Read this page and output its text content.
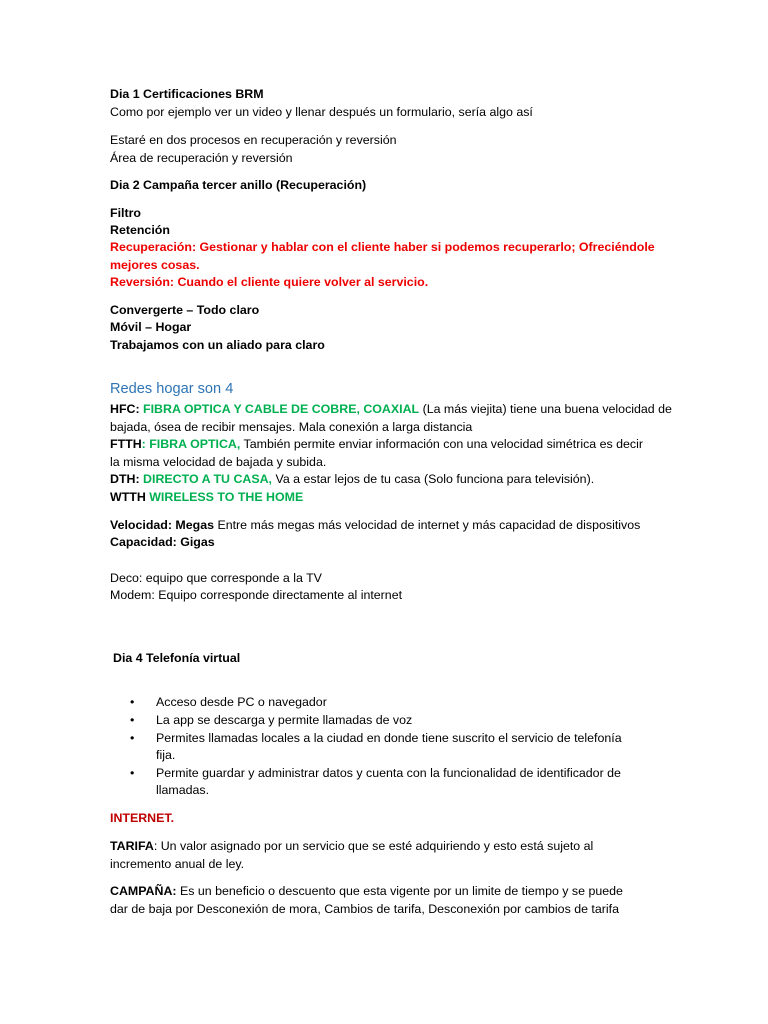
Dia 1 Certificaciones BRM
Como por ejemplo ver un video y llenar después un formulario, sería algo así
Estaré en dos procesos en recuperación y reversión
Área de recuperación y reversión
Dia 2 Campaña tercer anillo (Recuperación)
Filtro
Retención
Recuperación: Gestionar y hablar con el cliente haber si podemos recuperarlo; Ofreciéndole
mejores cosas.
Reversión: Cuando el cliente quiere volver al servicio.
Convergerte – Todo claro
Móvil – Hogar
Trabajamos con un aliado para claro
Redes hogar son 4
HFC: FIBRA OPTICA Y CABLE DE COBRE, COAXIAL (La más viejita) tiene una buena velocidad de
bajada, ósea de recibir mensajes. Mala conexión a larga distancia
FTTH: FIBRA OPTICA, También permite enviar información con una velocidad simétrica es decir
la misma velocidad de bajada y subida.
DTH: DIRECTO A TU CASA, Va a estar lejos de tu casa (Solo funciona para televisión).
WTTH WIRELESS TO THE HOME
Velocidad: Megas Entre más megas más velocidad de internet y más capacidad de dispositivos
Capacidad: Gigas
Deco: equipo que corresponde a la TV
Modem: Equipo corresponde directamente al internet
Dia 4 Telefonía virtual
• Acceso desde PC o navegador
• La app se descarga y permite llamadas de voz
• Permites llamadas locales a la ciudad en donde tiene suscrito el servicio de telefonía
fija.
• Permite guardar y administrar datos y cuenta con la funcionalidad de identificador de
llamadas.
INTERNET.
TARIFA: Un valor asignado por un servicio que se esté adquiriendo y esto está sujeto al
incremento anual de ley.
CAMPAÑA: Es un beneficio o descuento que esta vigente por un limite de tiempo y se puede
dar de baja por Desconexión de mora, Cambios de tarifa, Desconexión por cambios de tarifa
